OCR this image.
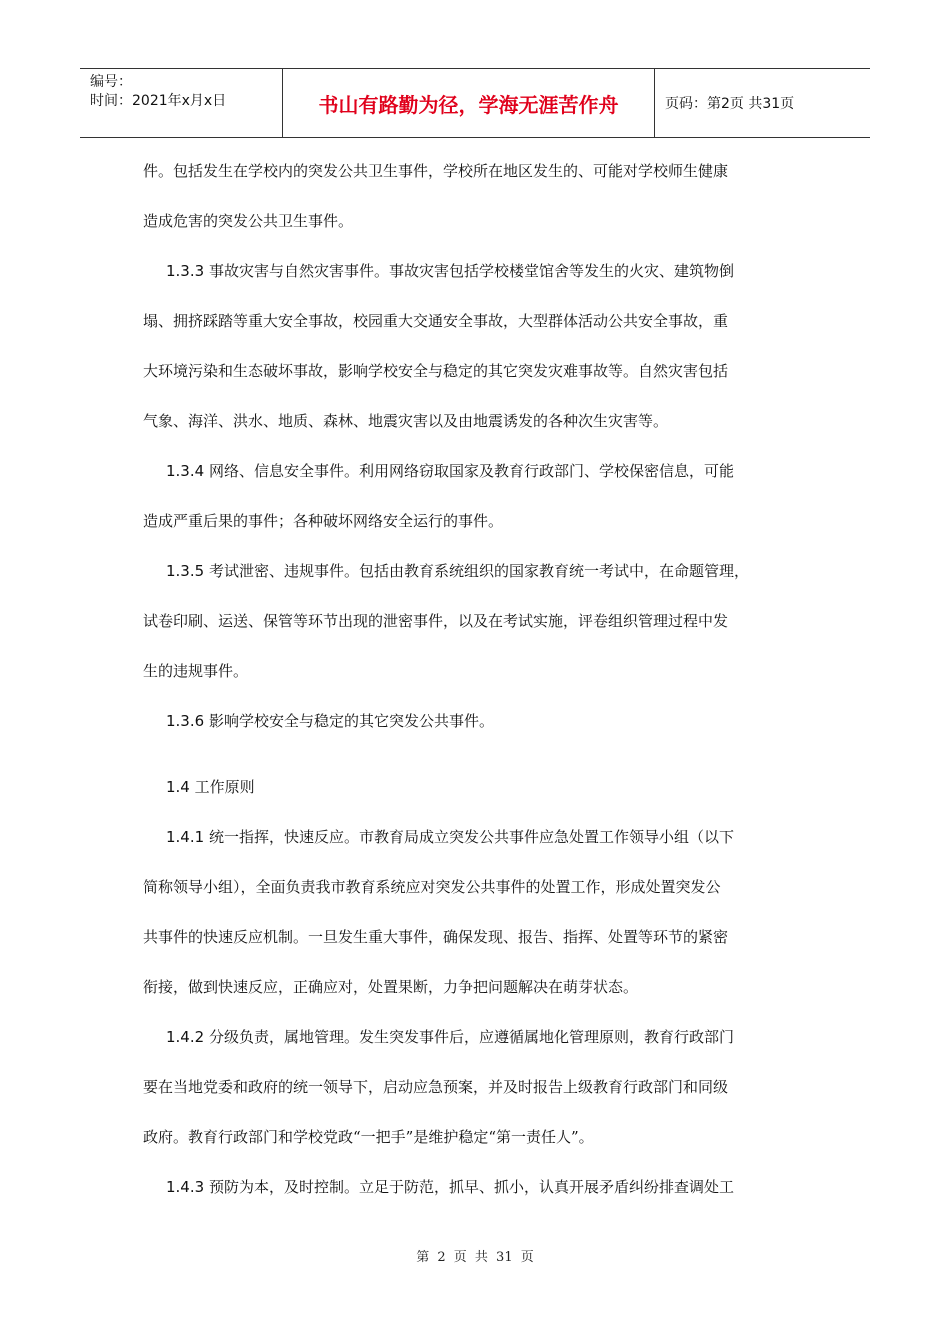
编号：
时间：2021年x月x日	书山有路勤为径，学海无涯苦作舟	页码：第2页 共31页
件。包括发生在学校内的突发公共卫生事件，学校所在地区发生的、可能对学校师生健康
造成危害的突发公共卫生事件。
1.3.3 事故灾害与自然灾害事件。事故灾害包括学校楼堂馆舍等发生的火灾、建筑物倒
塌、拥挤踩踏等重大安全事故，校园重大交通安全事故，大型群体活动公共安全事故，重
大环境污染和生态破坏事故，影响学校安全与稳定的其它突发灾难事故等。自然灾害包括
气象、海洋、洪水、地质、森林、地震灾害以及由地震诱发的各种次生灾害等。
1.3.4 网络、信息安全事件。利用网络窃取国家及教育行政部门、学校保密信息，可能
造成严重后果的事件；各种破坏网络安全运行的事件。
1.3.5 考试泄密、违规事件。包括由教育系统组织的国家教育统一考试中，在命题管理，
试卷印刷、运送、保管等环节出现的泄密事件，以及在考试实施，评卷组织管理过程中发
生的违规事件。
1.3.6 影响学校安全与稳定的其它突发公共事件。
1.4 工作原则
1.4.1 统一指挥，快速反应。市教育局成立突发公共事件应急处置工作领导小组（以下
简称领导小组），全面负责我市教育系统应对突发公共事件的处置工作，形成处置突发公
共事件的快速反应机制。一旦发生重大事件，确保发现、报告、指挥、处置等环节的紧密
衔接，做到快速反应，正确应对，处置果断，力争把问题解决在萌芽状态。
1.4.2 分级负责，属地管理。发生突发事件后，应遵循属地化管理原则，教育行政部门
要在当地党委和政府的统一领导下，启动应急预案，并及时报告上级教育行政部门和同级
政府。教育行政部门和学校党政“一把手”是维护稳定“第一责任人”。
1.4.3 预防为本，及时控制。立足于防范，抓早、抓小，认真开展矛盾纠纷排查调处工
第 2 页 共 31 页
